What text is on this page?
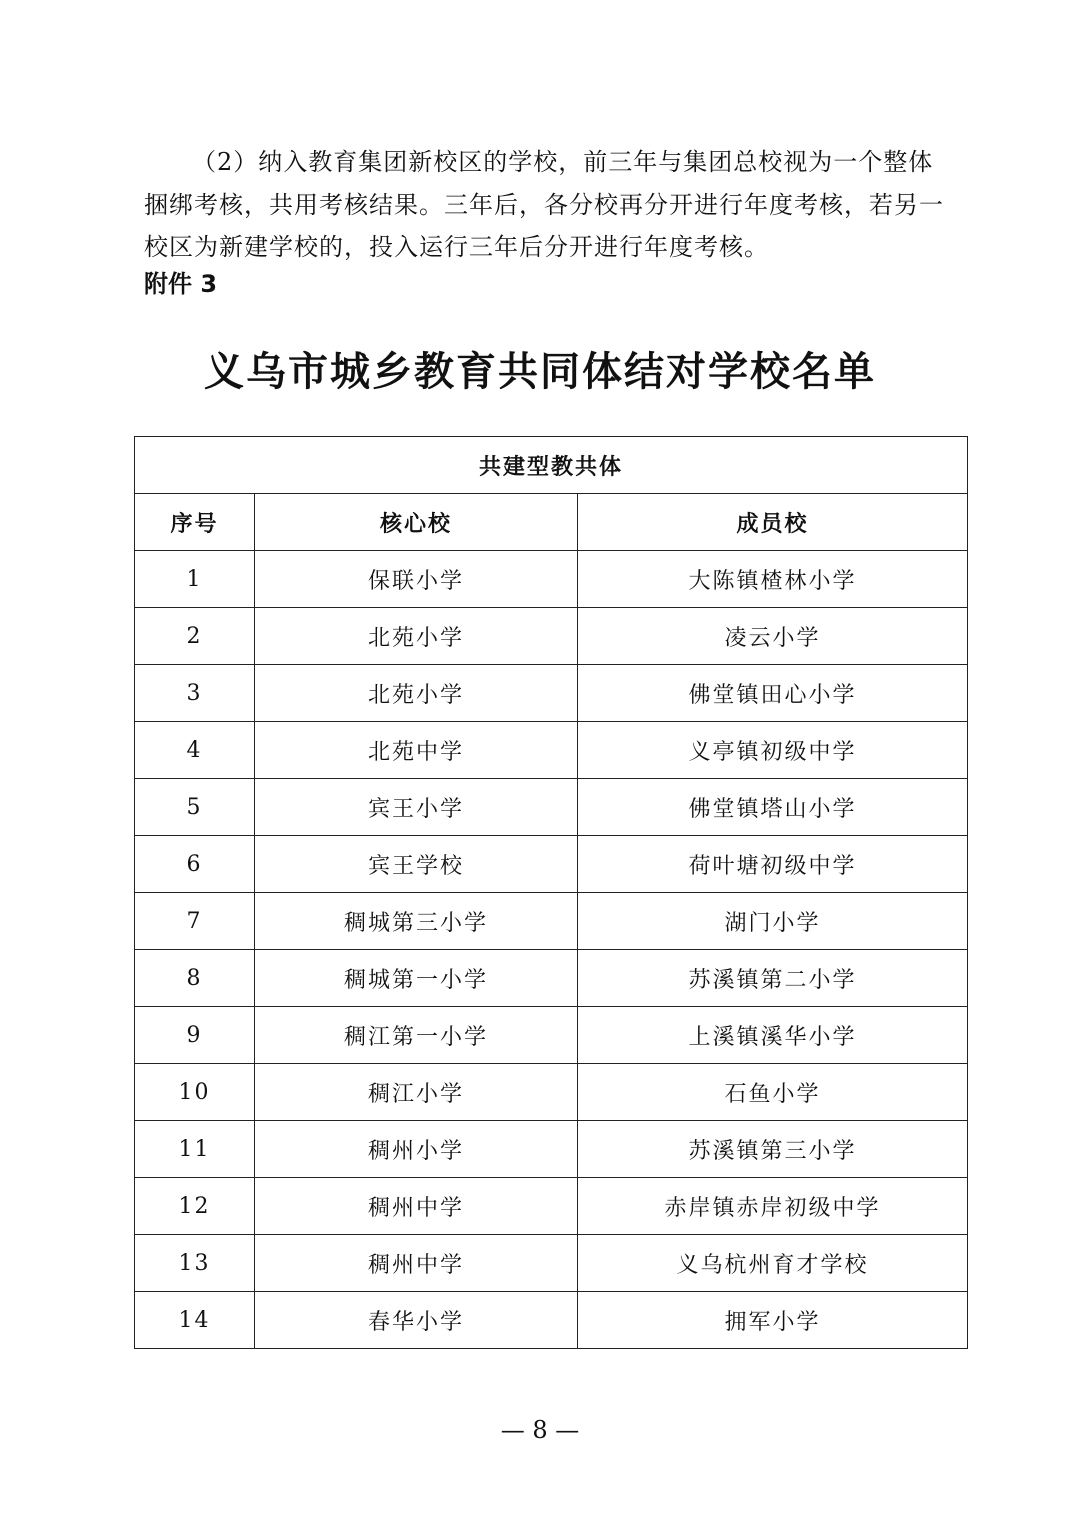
（2）纳入教育集团新校区的学校，前三年与集团总校视为一个整体

捆绑考核，共用考核结果。三年后，各分校再分开进行年度考核，若另一

校区为新建学校的，投入运行三年后分开进行年度考核。

附件 3

义乌市城乡教育共同体结对学校名单
共建型教共体		
序号	核心校	成员校
1	保联小学	大陈镇楂林小学
2	北苑小学	凌云小学
3	北苑小学	佛堂镇田心小学
4	北苑中学	义亭镇初级中学
5	宾王小学	佛堂镇塔山小学
6	宾王学校	荷叶塘初级中学
7	稠城第三小学	湖门小学
8	稠城第一小学	苏溪镇第二小学
9	稠江第一小学	上溪镇溪华小学
10	稠江小学	石鱼小学
11	稠州小学	苏溪镇第三小学
12	稠州中学	赤岸镇赤岸初级中学
13	稠州中学	义乌杭州育才学校
14	春华小学	拥军小学

— 8 —
